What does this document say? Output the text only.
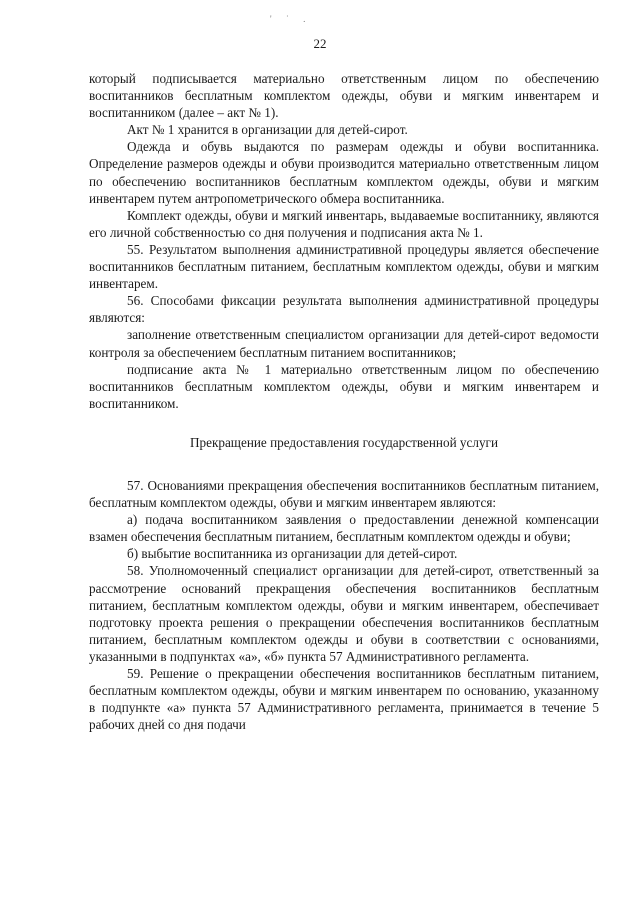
' ˙ .
22

который подписывается материально ответственным лицом по обеспечению воспитанников бесплатным комплектом одежды, обуви и мягким инвентарем и воспитанником (далее – акт № 1).

Акт № 1 хранится в организации для детей-сирот.

Одежда и обувь выдаются по размерам одежды и обуви воспитанника. Определение размеров одежды и обуви производится материально ответственным лицом по обеспечению воспитанников бесплатным комплектом одежды, обуви и мягким инвентарем путем антропометрического обмера воспитанника.

Комплект одежды, обуви и мягкий инвентарь, выдаваемые воспитаннику, являются его личной собственностью со дня получения и подписания акта № 1.

55. Результатом выполнения административной процедуры является обеспечение воспитанников бесплатным питанием, бесплатным комплектом одежды, обуви и мягким инвентарем.

56. Способами фиксации результата выполнения административной процедуры являются:

заполнение ответственным специалистом организации для детей-сирот ведомости контроля за обеспечением бесплатным питанием воспитанников;

подписание акта № 1 материально ответственным лицом по обеспечению воспитанников бесплатным комплектом одежды, обуви и мягким инвентарем и воспитанником.

Прекращение предоставления государственной услуги

57. Основаниями прекращения обеспечения воспитанников бесплатным питанием, бесплатным комплектом одежды, обуви и мягким инвентарем являются:

а) подача воспитанником заявления о предоставлении денежной компенсации взамен обеспечения бесплатным питанием, бесплатным комплектом одежды и обуви;

б) выбытие воспитанника из организации для детей-сирот.

58. Уполномоченный специалист организации для детей-сирот, ответственный за рассмотрение оснований прекращения обеспечения воспитанников бесплатным питанием, бесплатным комплектом одежды, обуви и мягким инвентарем, обеспечивает подготовку проекта решения о прекращении обеспечения воспитанников бесплатным питанием, бесплатным комплектом одежды и обуви в соответствии с основаниями, указанными в подпунктах «а», «б» пункта 57 Административного регламента.

59. Решение о прекращении обеспечения воспитанников бесплатным питанием, бесплатным комплектом одежды, обуви и мягким инвентарем по основанию, указанному в подпункте «а» пункта 57 Административного регламента, принимается в течение 5 рабочих дней со дня подачи
